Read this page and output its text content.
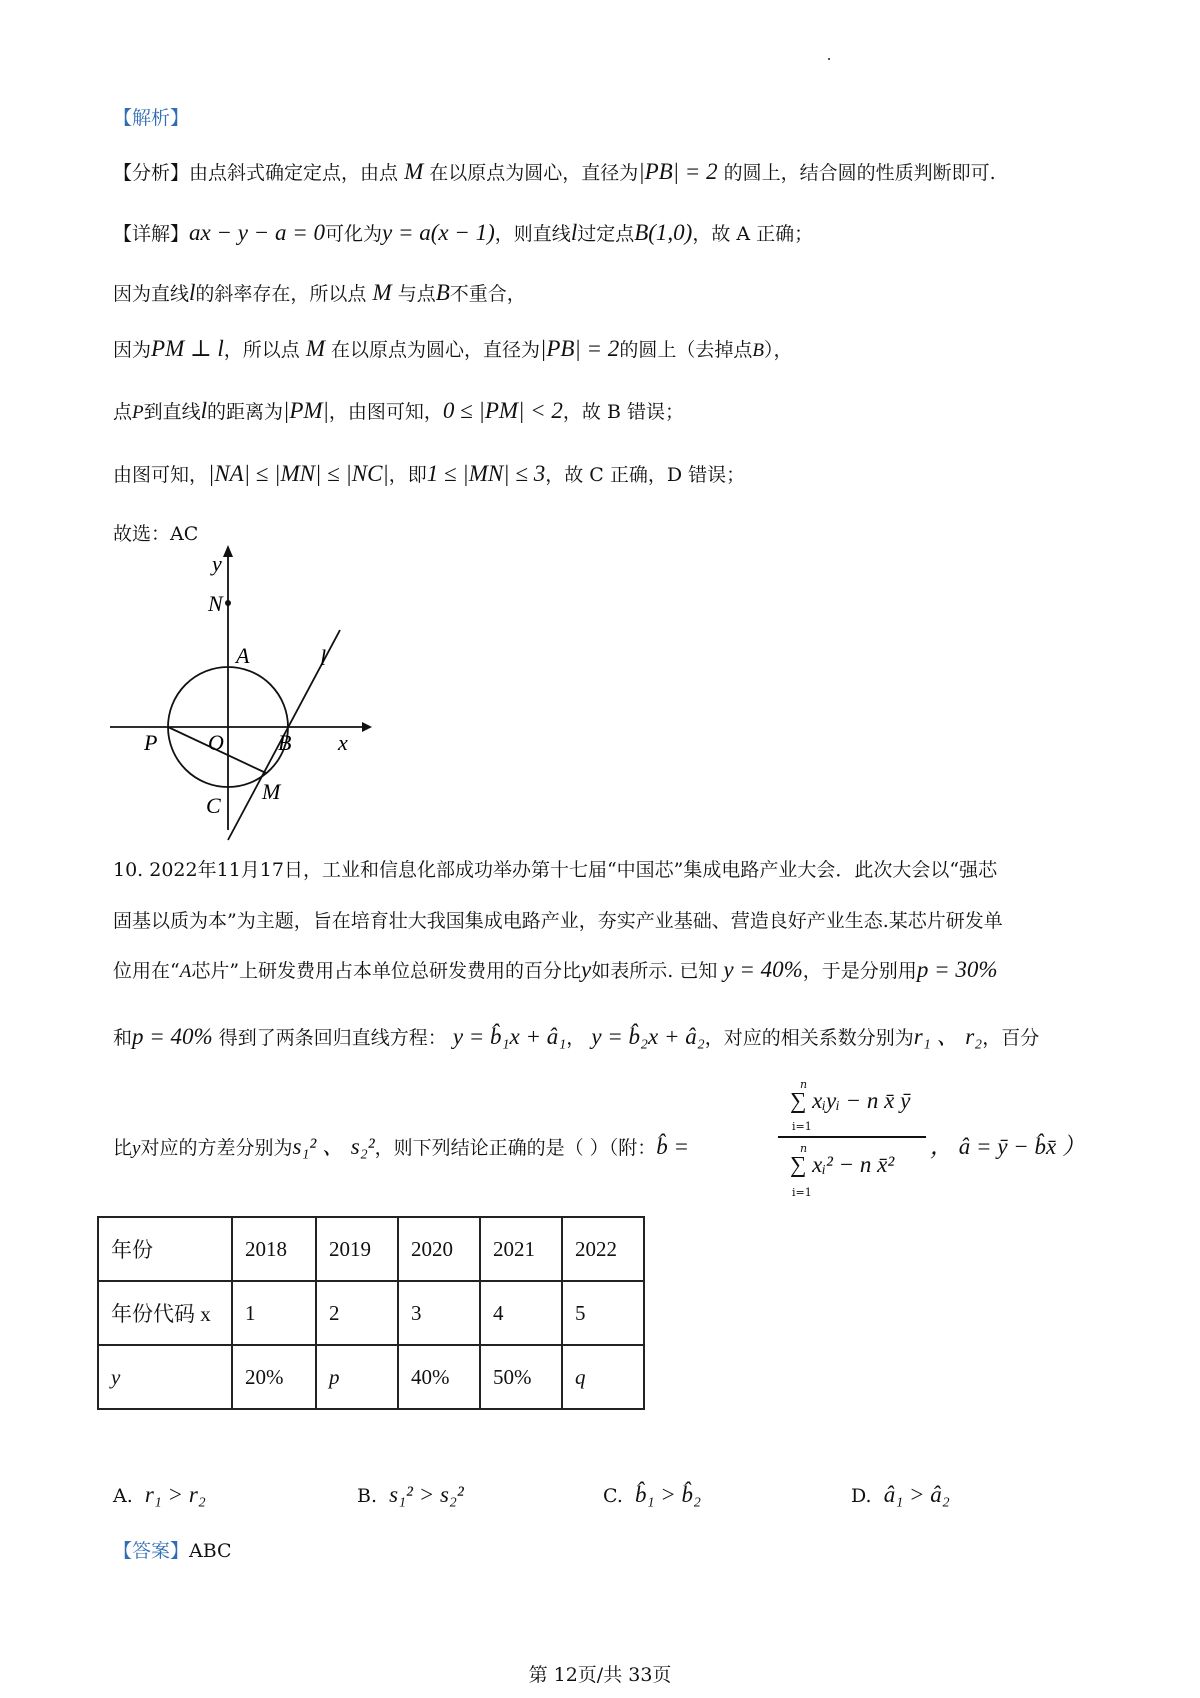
【解析】
【分析】由点斜式确定定点，由点 M 在以原点为圆心，直径为|PB| = 2 的圆上，结合圆的性质判断即可.
【详解】ax − y − a = 0可化为y = a(x − 1)，则直线l过定点B(1,0)，故 A 正确；
因为直线l的斜率存在，所以点 M 与点B不重合，
因为PM ⊥ l，所以点 M 在以原点为圆心，直径为|PB| = 2的圆上（去掉点B），
点P到直线l的距离为|PM|，由图可知，0 ≤ |PM| < 2，故 B 错误；
由图可知，|NA| ≤ |MN| ≤ |NC|，即1 ≤ |MN| ≤ 3，故 C 正确，D 错误；
故选：AC
y
N
A	l
P O B x
M
C
10. 2022年11月17日，工业和信息化部成功举办第十七届“中国芯”集成电路产业大会．此次大会以“强芯
固基以质为本”为主题，旨在培育壮大我国集成电路产业，夯实产业基础、营造良好产业生态.某芯片研发单
位用在“A芯片”上研发费用占本单位总研发费用的百分比y如表所示. 已知 y = 40%，于是分别用p = 30%
和p = 40% 得到了两条回归直线方程： y = b̂₁x + â₁， y = b̂₂x + â₂，对应的相关系数分别为r₁ 、 r₂，百分
比y对应的方差分别为s₁² 、 s₂²，则下列结论正确的是（ ）（附：b̂ =
n
∑ xᵢyᵢ − n x̄ ȳ
i=1
n
∑ xᵢ² − n x̄²
i=1
， â = ȳ − b̂x̄ ）
年份	2018	2019	2020	2021	2022
年份代码 x	1	2	3	4	5
y	20%	p	40%	50%	q
A. r₁ > r₂	B. s₁² > s₂²	C. b̂₁ > b̂₂	D. â₁ > â₂
【答案】ABC
第 12页/共 33页
